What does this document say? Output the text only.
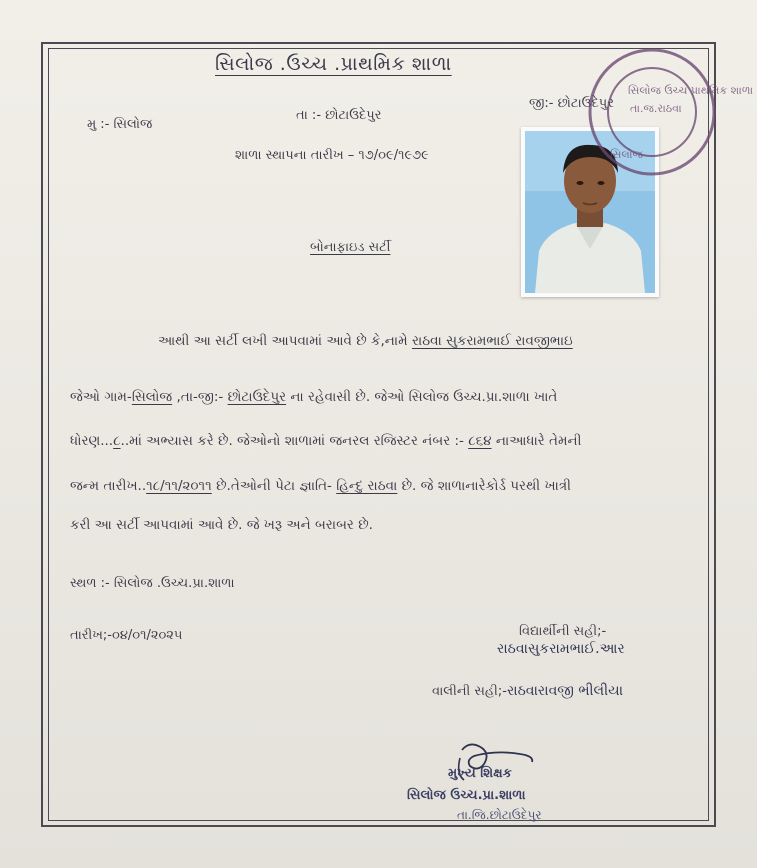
સિલોજ .ઉચ્ચ .પ્રાથમિક શાળા
મુ :- સિલોજ
તા :- છોટાઉદેપુર
જી:- છોટાઉદેપુર
શાળા સ્થાપના તારીખ – ૧૭/૦૯/૧૯૭૯
બોનાફાઇડ સર્ટી
સિલોજ ઉચ્ચ પ્રાથમિક શાળા
તા.જ.રાઠવા
સિલોજ
આથી આ સર્ટી લખી આપવામાં આવે છે કે,નામે રાઠવા સુકરામભાઈ રાવજીભાઇ
જેઓ ગામ-સિલોજ ,તા-જી:- છોટાઉદેપુર ના રહેવાસી છે. જેઓ સિલોજ ઉચ્ચ.પ્રા.શાળા ખાતે
ધોરણ...૮..માં અભ્યાસ કરે છે. જેઓનો શાળામાં જનરલ રજિસ્ટર નંબર :- ૮૬૪ નાઆધારે તેમની
જન્મ તારીખ..૧૮/૧૧/૨૦૧૧ છે.તેઓની પેટા જ્ઞાતિ- હિન્દુ રાઠવા છે. જે શાળાનારેકોર્ડ પરથી ખાત્રી
કરી આ સર્ટી આપવામાં આવે છે. જે ખરૂ અને બરાબર છે.
સ્થળ :- સિલોજ .ઉચ્ચ.પ્રા.શાળા
તારીખ;-૦૪/૦૧/૨૦૨૫	વિદ્યાર્થીની સહી;-
રાઠવાસુકરામભાઈ.આર
વાલીની સહી;-રાઠવારાવજી ભીલીયા
મુખ્ય શિક્ષક
સિલોજ ઉચ્ચ.પ્રા.શાળા
તા.જિ.છોટાઉદેપુર
